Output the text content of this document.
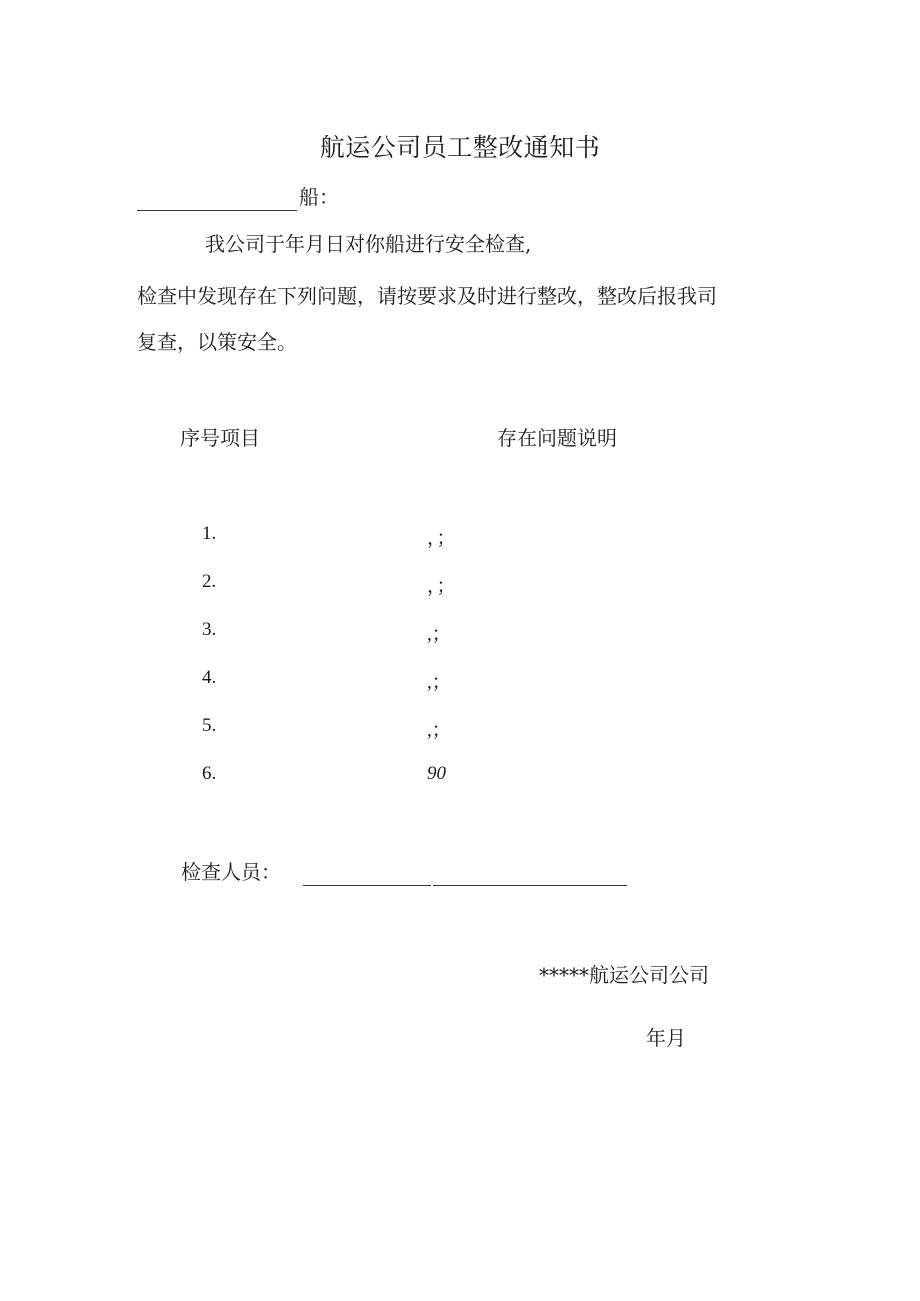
航运公司员工整改通知书
船：
我公司于年月日对你船进行安全检查,
检查中发现存在下列问题，请按要求及时进行整改，整改后报我司
复查，以策安全。
序号项目	存在问题说明
1.	，；
2.	，；
3.	,；
4.	,；
5.	,；
6.	90
检查人员：
*****航运公司公司
年月
